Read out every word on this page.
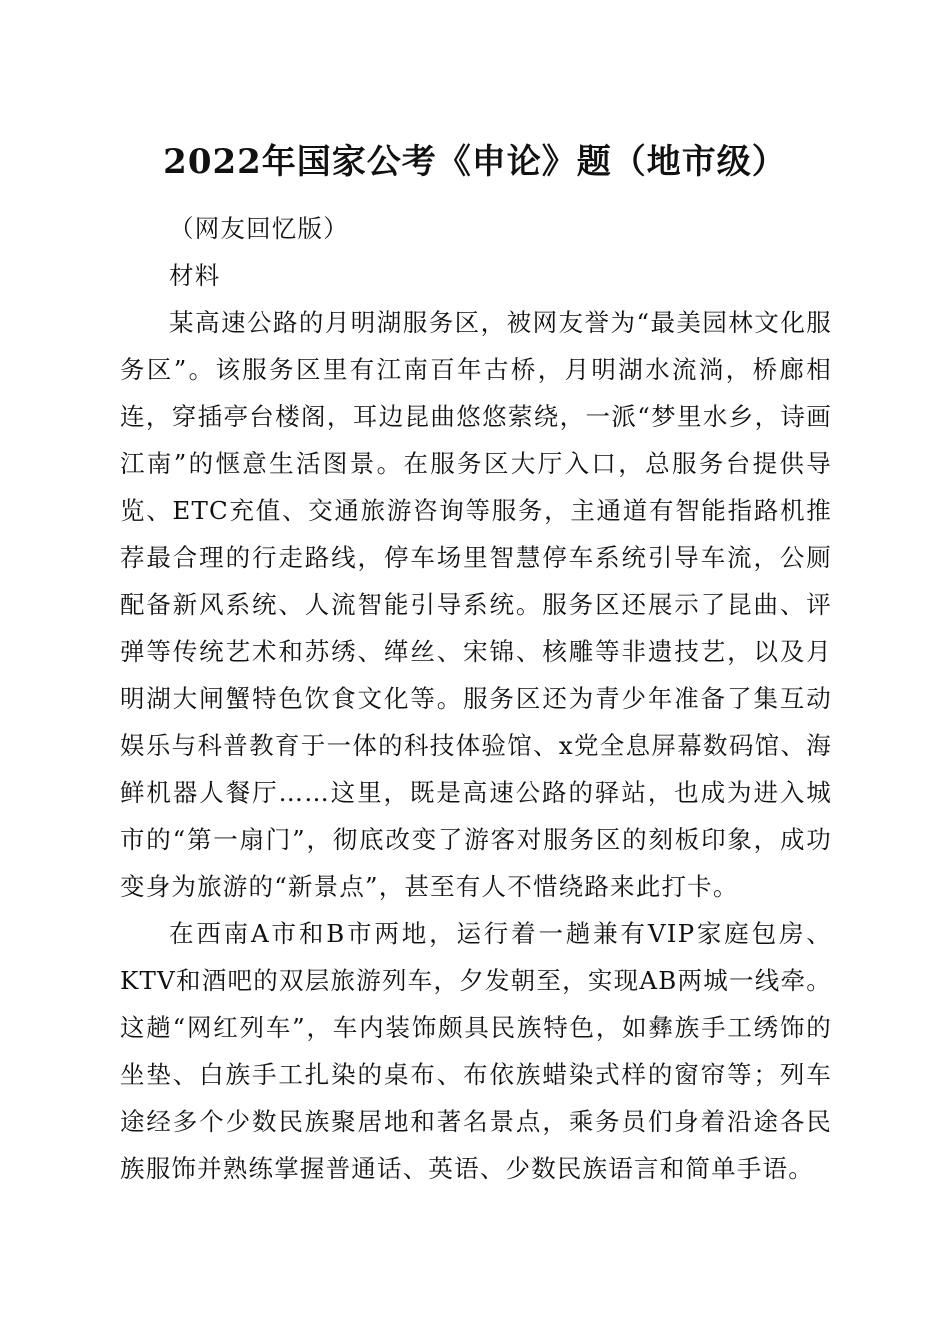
2022年国家公考《申论》题（地市级）

（网友回忆版）

材料

某高速公路的月明湖服务区，被网友誉为“最美园林文化服务区”。该服务区里有江南百年古桥，月明湖水流淌，桥廊相连，穿插亭台楼阁，耳边昆曲悠悠萦绕，一派“梦里水乡，诗画江南”的惬意生活图景。在服务区大厅入口，总服务台提供导览、ETC充值、交通旅游咨询等服务，主通道有智能指路机推荐最合理的行走路线，停车场里智慧停车系统引导车流，公厕配备新风系统、人流智能引导系统。服务区还展示了昆曲、评弹等传统艺术和苏绣、缂丝、宋锦、核雕等非遗技艺，以及月明湖大闸蟹特色饮食文化等。服务区还为青少年准备了集互动娱乐与科普教育于一体的科技体验馆、x党全息屏幕数码馆、海鲜机器人餐厅……这里，既是高速公路的驿站，也成为进入城市的“第一扇门”，彻底改变了游客对服务区的刻板印象，成功变身为旅游的“新景点”，甚至有人不惜绕路来此打卡。

在西南A市和B市两地，运行着一趟兼有VIP家庭包房、KTV和酒吧的双层旅游列车，夕发朝至，实现AB两城一线牵。这趟“网红列车”，车内装饰颇具民族特色，如彝族手工绣饰的坐垫、白族手工扎染的桌布、布依族蜡染式样的窗帘等；列车途经多个少数民族聚居地和著名景点，乘务员们身着沿途各民族服饰并熟练掌握普通话、英语、少数民族语言和简单手语。
